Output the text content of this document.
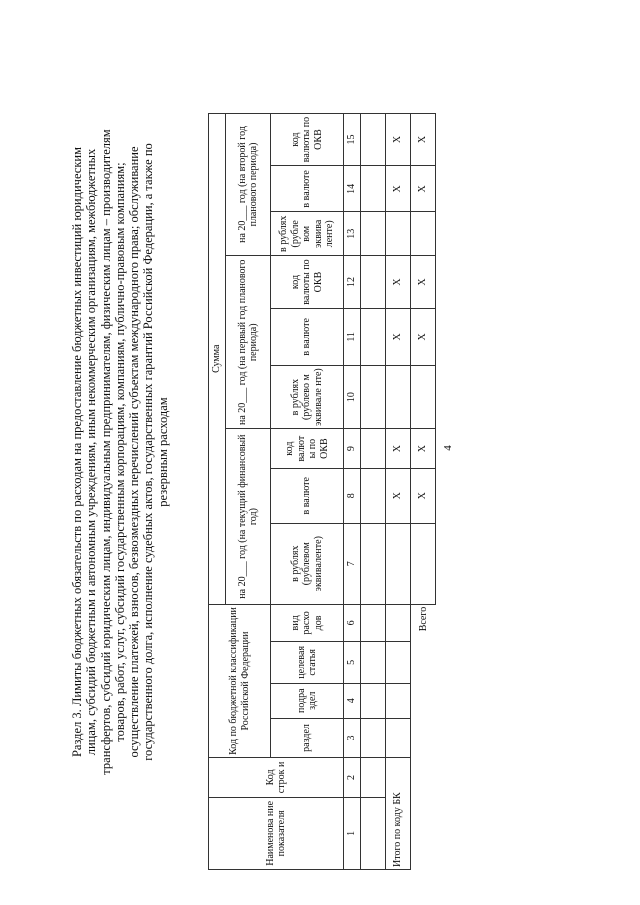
4
Раздел 3. Лимиты бюджетных обязательств по расходам на предоставление бюджетных инвестиций юридическим лицам, субсидий бюджетным и автономным учреждениям, иным некоммерческим организациям, межбюджетных трансфертов, субсидий юридическим лицам, индивидуальным предпринимателям, физическим лицам – производителям товаров, работ, услуг, субсидий государственным корпорациям, компаниям, публично-правовым компаниям; осуществление платежей, взносов, безвозмездных перечислений субъектам международного права; обслуживание государственного долга, исполнение судебных актов, государственных гарантий Российской Федерации, а также по резервным расходам
Наименова ние показателя	Код строк и	Код по бюджетной классификации Российской Федерации				Сумма									
						на 20___ год (на текущий финансовый год)			на 20___ год (на первый год планового периода)			на 20___ год (на второй год планового периода)			
		раздел	подра здел	целевая статья	вид расхо дов	в рублях (рублевом эквиваленте)	в валюте	код валют ы по ОКВ	в рублях (рублево м эквивале нте)	в валюте	код валюты по ОКВ	в рублях (рубле вом эквива ленте)	в валюте	код валюты по ОКВ	
1	2	3	4	5	6	7	8	9	10	11	12	13	14	15	

Итого по коду БК							Х	Х		Х	Х		Х	Х	
Всего							Х	Х		Х	Х		Х	Х	
